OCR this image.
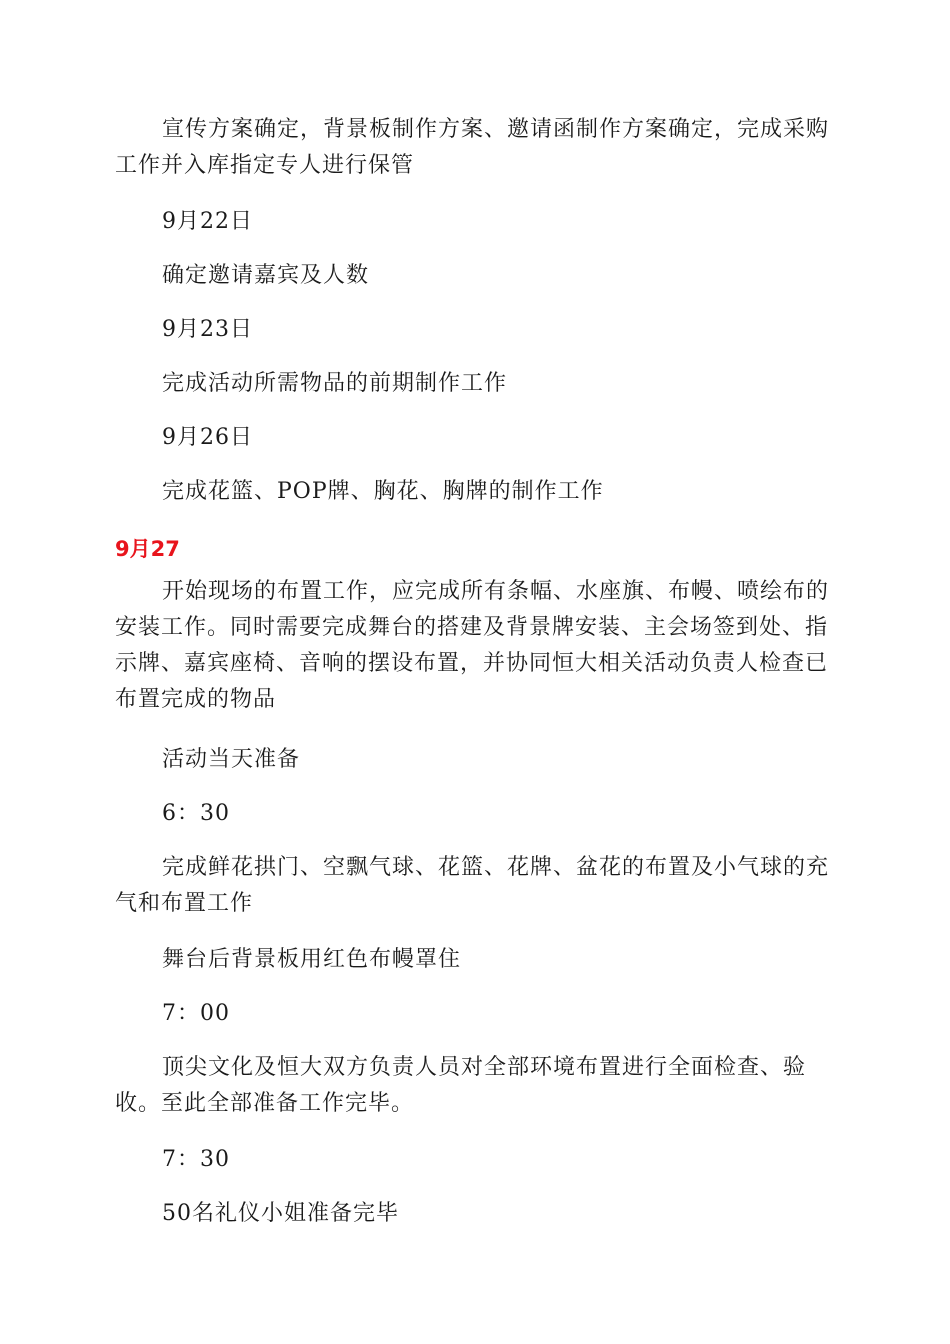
宣传方案确定，背景板制作方案、邀请函制作方案确定，完成采购工作并入库指定专人进行保管

9月22日

确定邀请嘉宾及人数

9月23日

完成活动所需物品的前期制作工作

9月26日

完成花篮、POP牌、胸花、胸牌的制作工作

9月27

开始现场的布置工作，应完成所有条幅、水座旗、布幔、喷绘布的安装工作。同时需要完成舞台的搭建及背景牌安装、主会场签到处、指示牌、嘉宾座椅、音响的摆设布置，并协同恒大相关活动负责人检查已布置完成的物品

活动当天准备

6：30

完成鲜花拱门、空飘气球、花篮、花牌、盆花的布置及小气球的充气和布置工作

舞台后背景板用红色布幔罩住

7：00

顶尖文化及恒大双方负责人员对全部环境布置进行全面检查、验收。至此全部准备工作完毕。

7：30

50名礼仪小姐准备完毕
